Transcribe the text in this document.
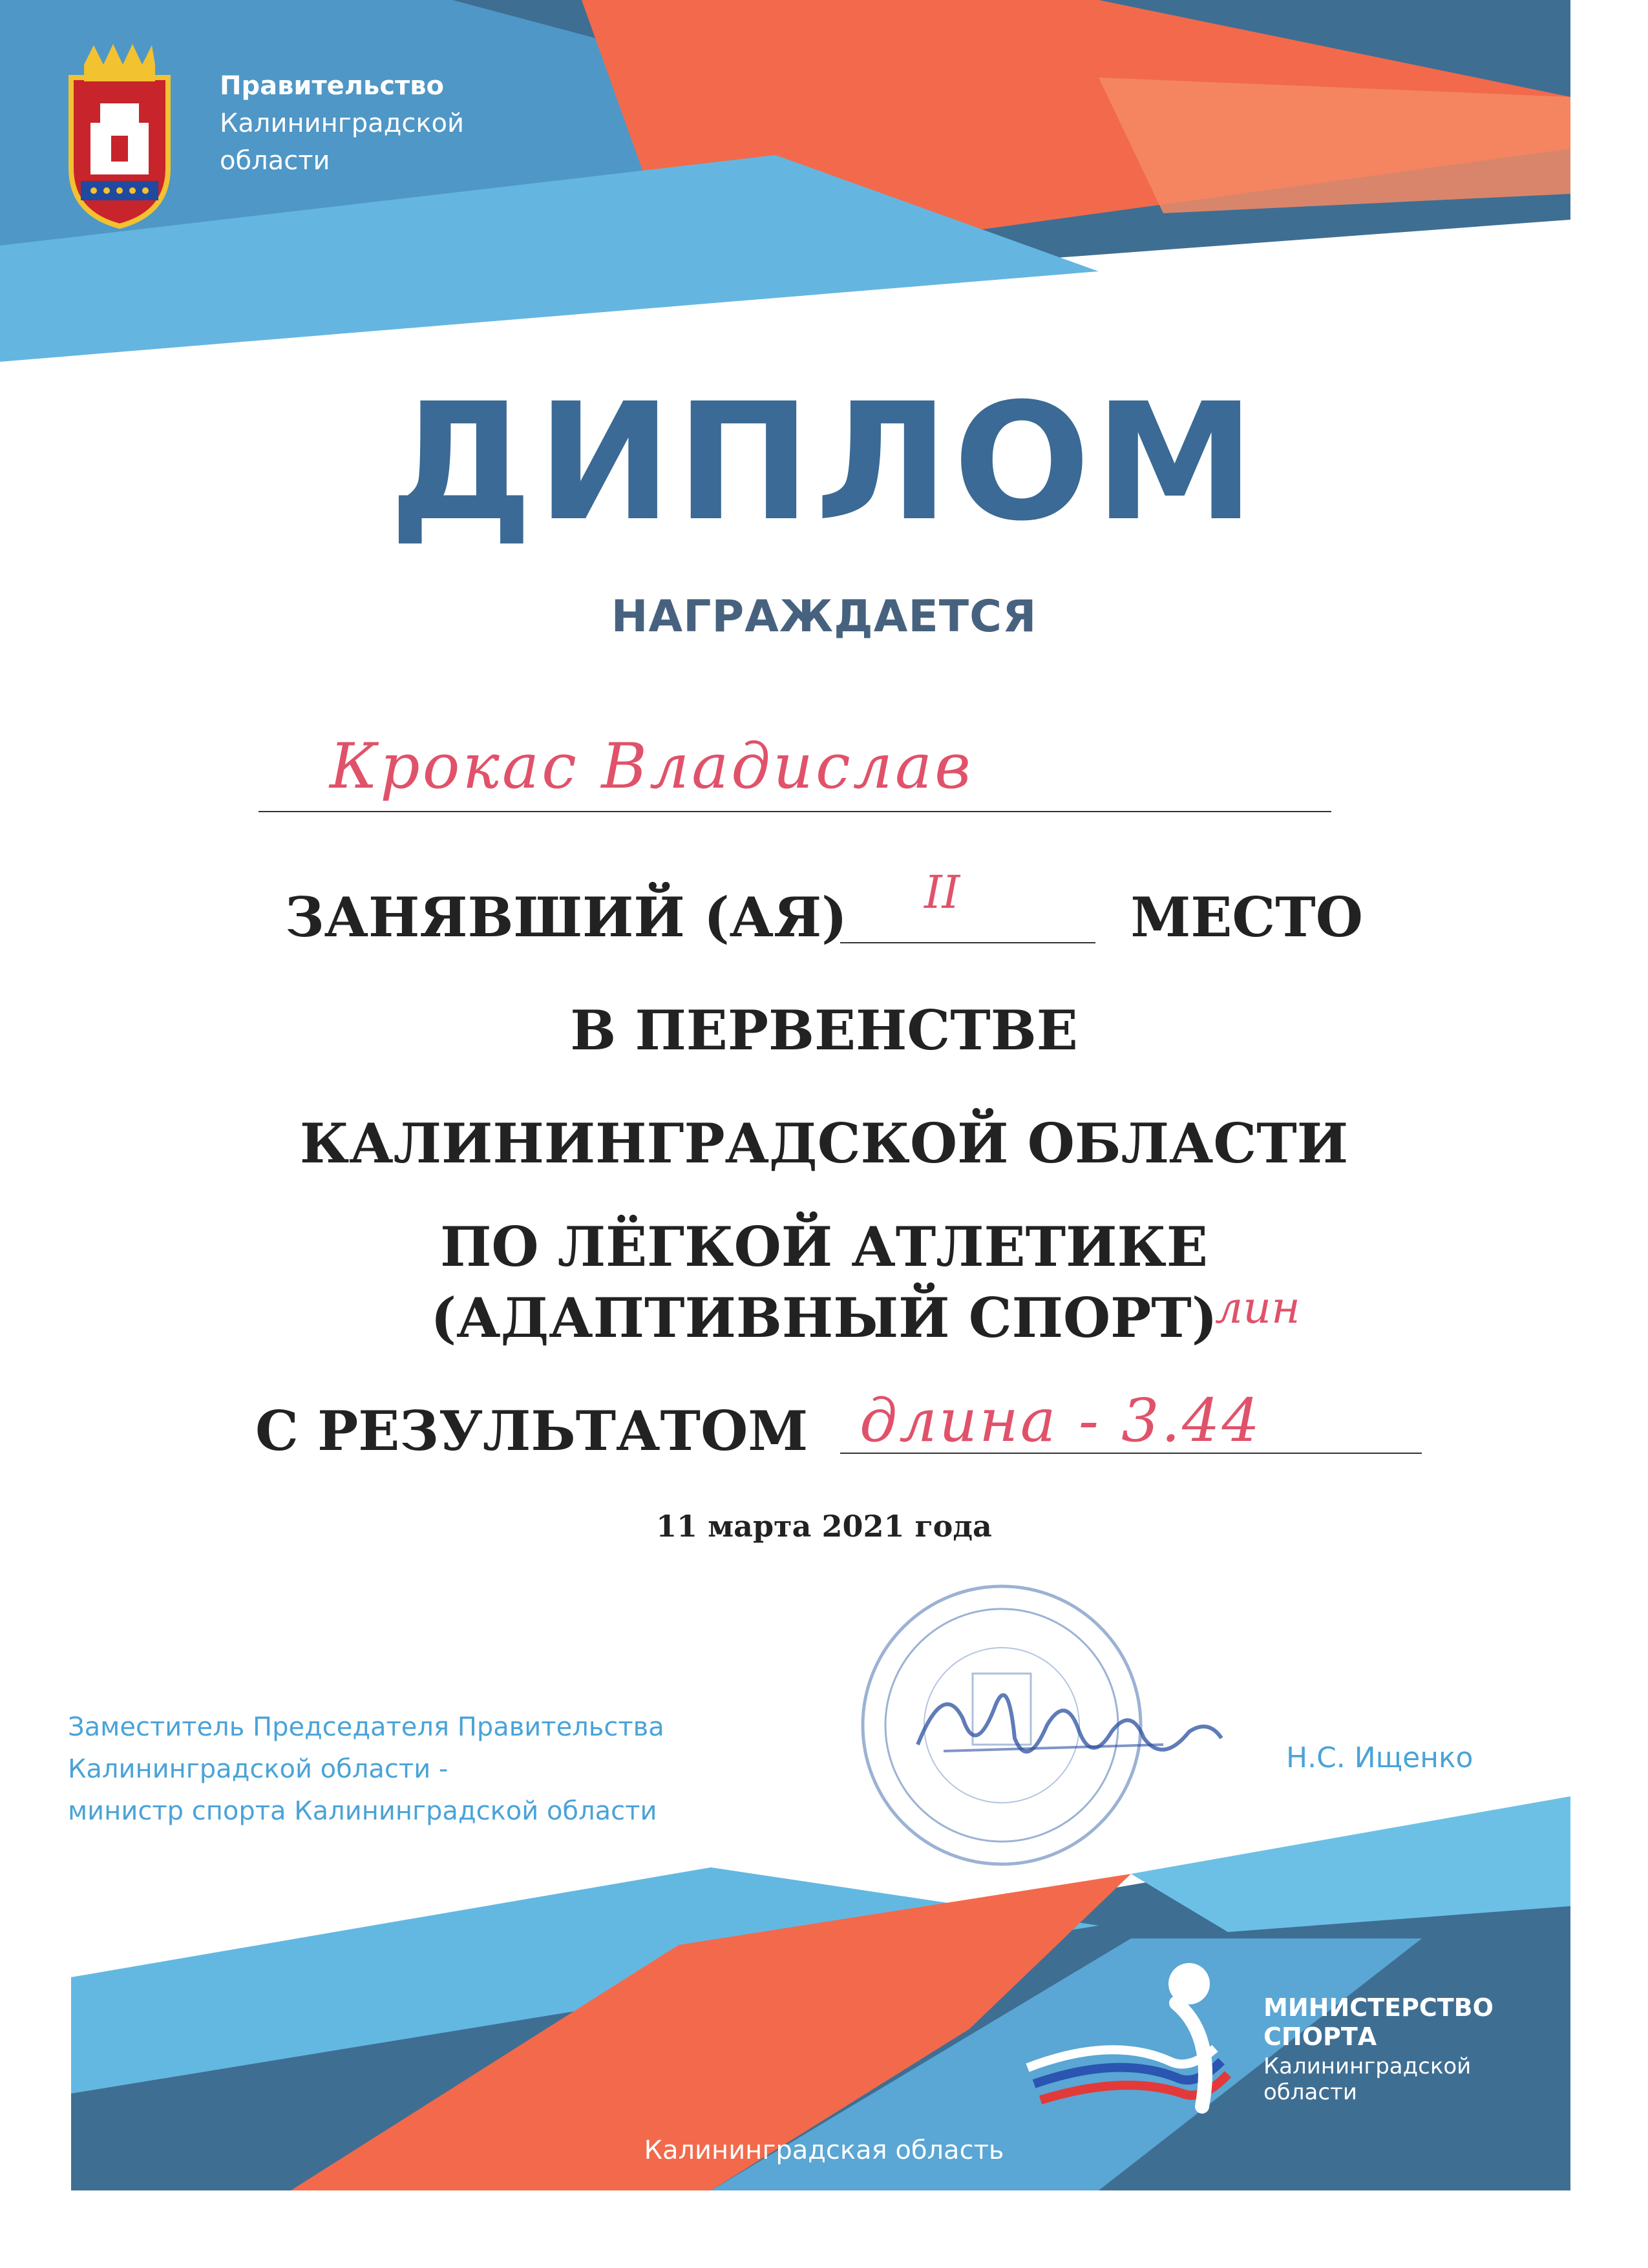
Правительство
Калининградской
области
ДИПЛОМ
НАГРАЖДАЕТСЯ
Крокас Владислав
ЗАНЯВШИЙ (АЯ)	МЕСТО
II
В ПЕРВЕНСТВЕ
КАЛИНИНГРАДСКОЙ ОБЛАСТИ
ПО ЛЁГКОЙ АТЛЕТИКЕ
(АДАПТИВНЫЙ СПОРТ)
лин
С РЕЗУЛЬТАТОМ длина - 3.44
11 марта 2021 года
Заместитель Председателя Правительства
Калининградской области -
министр спорта Калининградской области
Н.С. Ищенко
МИНИСТЕРСТВО
СПОРТА
Калининградской
области
Калининградская область
